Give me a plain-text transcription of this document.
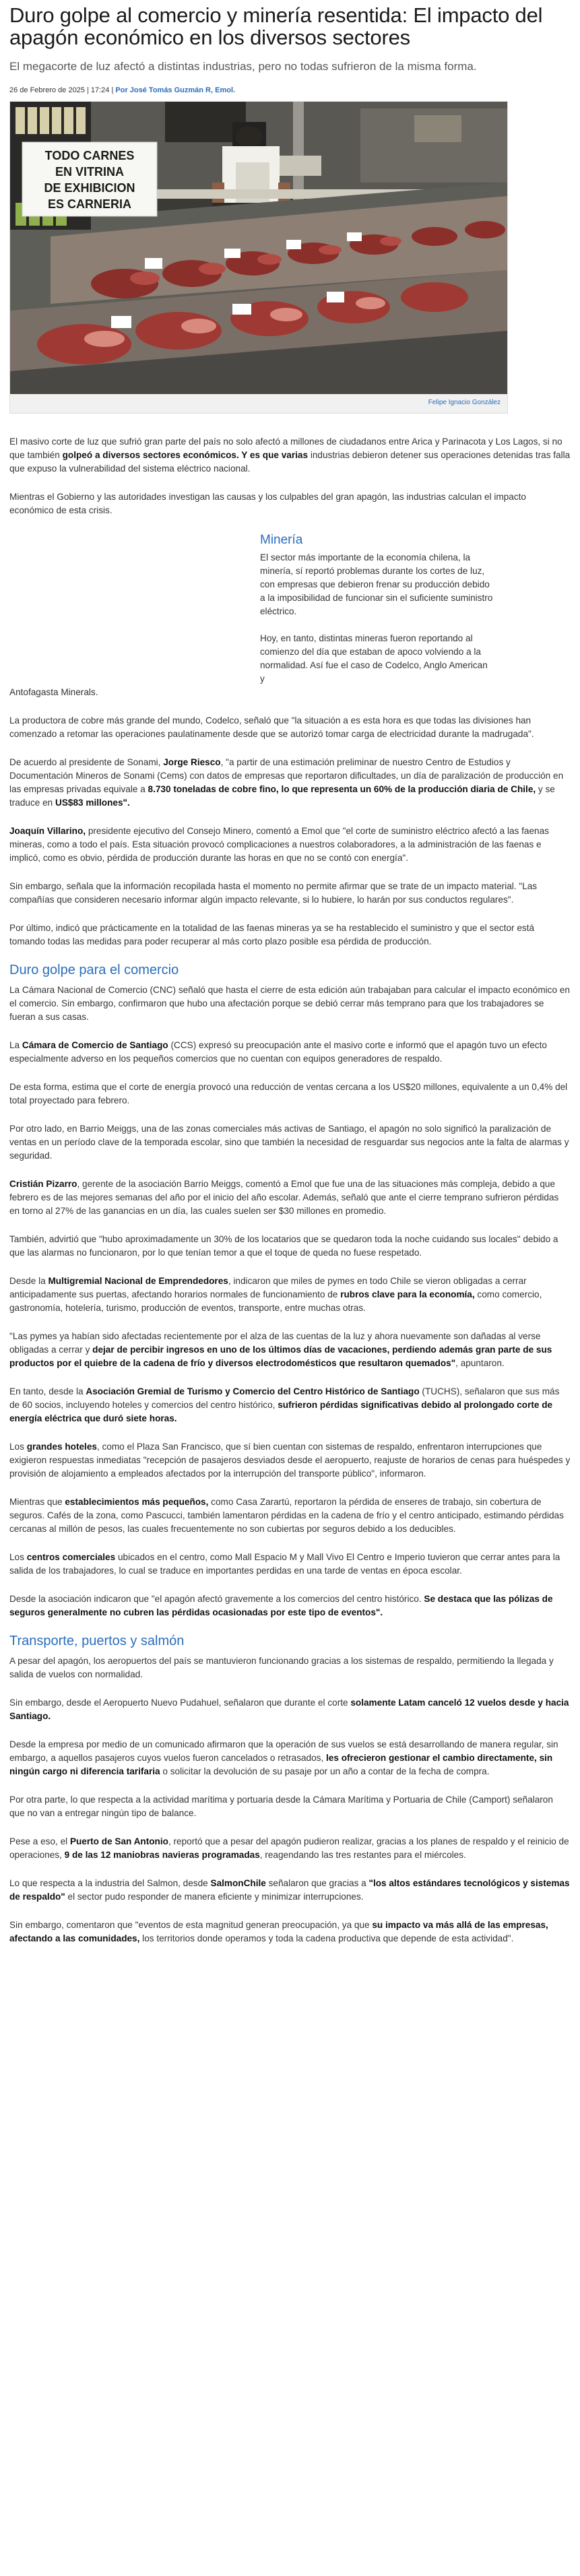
Duro golpe al comercio y minería resentida: El impacto del apagón económico en los diversos sectores

El megacorte de luz afectó a distintas industrias, pero no todas sufrieron de la misma forma.

26 de Febrero de 2025 | 17:24 | Por José Tomás Guzmán R, Emol.

TODO CARNES
EN VITRINA
DE EXHIBICION
ES CARNERIA
Felipe Ignacio González

El masivo corte de luz que sufrió gran parte del país no solo afectó a millones de ciudadanos entre Arica y Parinacota y Los Lagos, si no que también golpeó a diversos sectores económicos. Y es que varias industrias debieron detener sus operaciones detenidas tras falla que expuso la vulnerabilidad del sistema eléctrico nacional.

Mientras el Gobierno y las autoridades investigan las causas y los culpables del gran apagón, las industrias calculan el impacto económico de esta crisis.

Minería

El sector más importante de la economía chilena, la minería, sí reportó problemas durante los cortes de luz, con empresas que debieron frenar su producción debido a la imposibilidad de funcionar sin el suficiente suministro eléctrico.

Hoy, en tanto, distintas mineras fueron reportando al comienzo del día que estaban de apoco volviendo a la normalidad. Así fue el caso de Codelco, Anglo American y

Antofagasta Minerals.

La productora de cobre más grande del mundo, Codelco, señaló que "la situación a es esta hora es que todas las divisiones han comenzado a retomar las operaciones paulatinamente desde que se autorizó tomar carga de electricidad durante la madrugada".

De acuerdo al presidente de Sonami, Jorge Riesco, "a partir de una estimación preliminar de nuestro Centro de Estudios y Documentación Mineros de Sonami (Cems) con datos de empresas que reportaron dificultades, un día de paralización de producción en las empresas privadas equivale a 8.730 toneladas de cobre fino, lo que representa un 60% de la producción diaria de Chile, y se traduce en US$83 millones".

Joaquín Villarino, presidente ejecutivo del Consejo Minero, comentó a Emol que "el corte de suministro eléctrico afectó a las faenas mineras, como a todo el país. Esta situación provocó complicaciones a nuestros colaboradores, a la administración de las faenas e implicó, como es obvio, pérdida de producción durante las horas en que no se contó con energía".

Sin embargo, señala que la información recopilada hasta el momento no permite afirmar que se trate de un impacto material. "Las compañías que consideren necesario informar algún impacto relevante, si lo hubiere, lo harán por sus conductos regulares".

Por último, indicó que prácticamente en la totalidad de las faenas mineras ya se ha restablecido el suministro y que el sector está tomando todas las medidas para poder recuperar al más corto plazo posible esa pérdida de producción.

Duro golpe para el comercio

La Cámara Nacional de Comercio (CNC) señaló que hasta el cierre de esta edición aún trabajaban para calcular el impacto económico en el comercio. Sin embargo, confirmaron que hubo una afectación porque se debió cerrar más temprano para que los trabajadores se fueran a sus casas.

La Cámara de Comercio de Santiago (CCS) expresó su preocupación ante el masivo corte e informó que el apagón tuvo un efecto especialmente adverso en los pequeños comercios que no cuentan con equipos generadores de respaldo.

De esta forma, estima que el corte de energía provocó una reducción de ventas cercana a los US$20 millones, equivalente a un 0,4% del total proyectado para febrero.

Por otro lado, en Barrio Meiggs, una de las zonas comerciales más activas de Santiago, el apagón no solo significó la paralización de ventas en un período clave de la temporada escolar, sino que también la necesidad de resguardar sus negocios ante la falta de alarmas y seguridad.

Cristián Pizarro, gerente de la asociación Barrio Meiggs, comentó a Emol que fue una de las situaciones más compleja, debido a que febrero es de las mejores semanas del año por el inicio del año escolar. Además, señaló que ante el cierre temprano sufrieron pérdidas en torno al 27% de las ganancias en un día, las cuales suelen ser $30 millones en promedio.

También, advirtió que "hubo aproximadamente un 30% de los locatarios que se quedaron toda la noche cuidando sus locales" debido a que las alarmas no funcionaron, por lo que tenían temor a que el toque de queda no fuese respetado.

Desde la Multigremial Nacional de Emprendedores, indicaron que miles de pymes en todo Chile se vieron obligadas a cerrar anticipadamente sus puertas, afectando horarios normales de funcionamiento de rubros clave para la economía, como comercio, gastronomía, hotelería, turismo, producción de eventos, transporte, entre muchas otras.

"Las pymes ya habían sido afectadas recientemente por el alza de las cuentas de la luz y ahora nuevamente son dañadas al verse obligadas a cerrar y dejar de percibir ingresos en uno de los últimos días de vacaciones, perdiendo además gran parte de sus productos por el quiebre de la cadena de frío y diversos electrodomésticos que resultaron quemados", apuntaron.

En tanto, desde la Asociación Gremial de Turismo y Comercio del Centro Histórico de Santiago (TUCHS), señalaron que sus más de 60 socios, incluyendo hoteles y comercios del centro histórico, sufrieron pérdidas significativas debido al prolongado corte de energía eléctrica que duró siete horas.

Los grandes hoteles, como el Plaza San Francisco, que sí bien cuentan con sistemas de respaldo, enfrentaron interrupciones que exigieron respuestas inmediatas "recepción de pasajeros desviados desde el aeropuerto, reajuste de horarios de cenas para huéspedes y provisión de alojamiento a empleados afectados por la interrupción del transporte público", informaron.

Mientras que establecimientos más pequeños, como Casa Zarartú, reportaron la pérdida de enseres de trabajo, sin cobertura de seguros. Cafés de la zona, como Pascucci, también lamentaron pérdidas en la cadena de frío y el centro anticipado, estimando pérdidas cercanas al millón de pesos, las cuales frecuentemente no son cubiertas por seguros debido a los deducibles.

Los centros comerciales ubicados en el centro, como Mall Espacio M y Mall Vivo El Centro e Imperio tuvieron que cerrar antes para la salida de los trabajadores, lo cual se traduce en importantes perdidas en una tarde de ventas en época escolar.

Desde la asociación indicaron que "el apagón afectó gravemente a los comercios del centro histórico. Se destaca que las pólizas de seguros generalmente no cubren las pérdidas ocasionadas por este tipo de eventos".

Transporte, puertos y salmón

A pesar del apagón, los aeropuertos del país se mantuvieron funcionando gracias a los sistemas de respaldo, permitiendo la llegada y salida de vuelos con normalidad.

Sin embargo, desde el Aeropuerto Nuevo Pudahuel, señalaron que durante el corte solamente Latam canceló 12 vuelos desde y hacia Santiago.

Desde la empresa por medio de un comunicado afirmaron que la operación de sus vuelos se está desarrollando de manera regular, sin embargo, a aquellos pasajeros cuyos vuelos fueron cancelados o retrasados, les ofrecieron gestionar el cambio directamente, sin ningún cargo ni diferencia tarifaria o solicitar la devolución de su pasaje por un año a contar de la fecha de compra.

Por otra parte, lo que respecta a la actividad marítima y portuaria desde la Cámara Marítima y Portuaria de Chile (Camport) señalaron que no van a entregar ningún tipo de balance.

Pese a eso, el Puerto de San Antonio, reportó que a pesar del apagón pudieron realizar, gracias a los planes de respaldo y el reinicio de operaciones, 9 de las 12 maniobras navieras programadas, reagendando las tres restantes para el miércoles.

Lo que respecta a la industria del Salmon, desde SalmonChile señalaron que gracias a "los altos estándares tecnológicos y sistemas de respaldo" el sector pudo responder de manera eficiente y minimizar interrupciones.

Sin embargo, comentaron que "eventos de esta magnitud generan preocupación, ya que su impacto va más allá de las empresas, afectando a las comunidades, los territorios donde operamos y toda la cadena productiva que depende de esta actividad".
